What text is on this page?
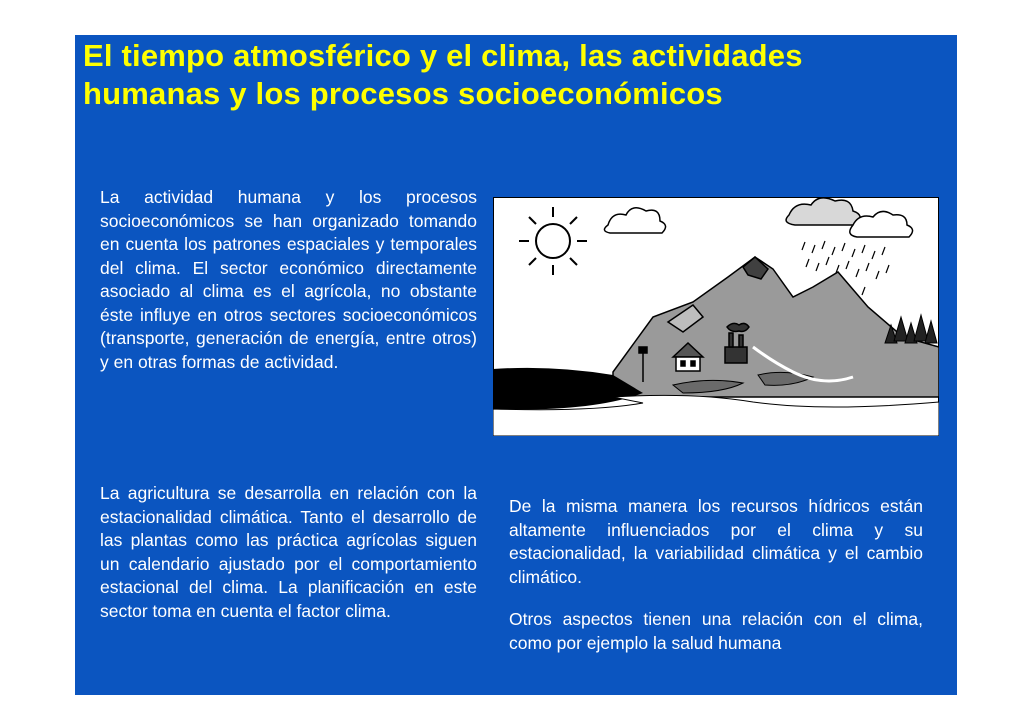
El tiempo atmosférico y el clima, las actividades humanas y los procesos socioeconómicos

La actividad humana y los procesos socioeconómicos se han organizado tomando en cuenta los patrones espaciales y temporales del clima. El sector económico directamente asociado al clima es el agrícola, no obstante éste influye en otros sectores socioeconómicos (transporte, generación de energía, entre otros) y en otras formas de actividad.

La agricultura se desarrolla en relación con la estacionalidad climática. Tanto el desarrollo de las plantas como las práctica agrícolas siguen un calendario ajustado por el comportamiento estacional del clima. La planificación en este sector toma en cuenta el factor clima.

De la misma manera los recursos hídricos están altamente influenciados por el clima y su estacionalidad, la variabilidad climática y el cambio climático.

Otros aspectos tienen una relación con el clima, como por ejemplo la salud humana
